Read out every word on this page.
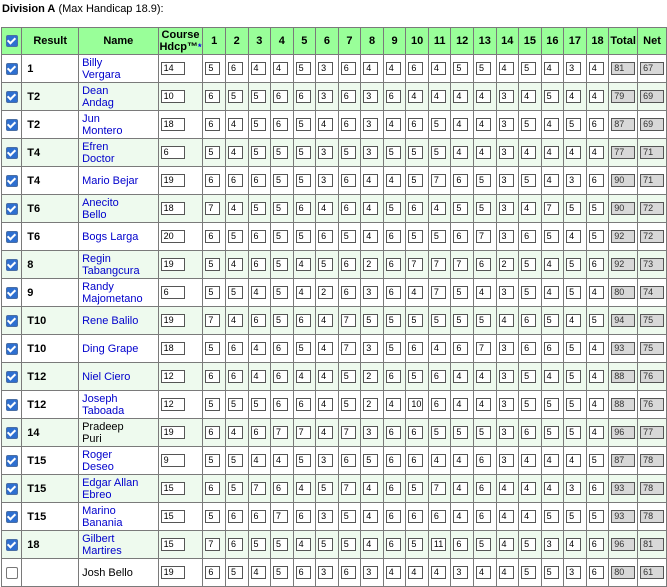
Division A (Max Handicap 18.9):
	Result	Name	Course
Hdcp™*	1	2	3	4	5	6	7	8	9	10	11	12	13	14	15	16	17	18	Total	Net
	1	Billy
Vergara	14	5	6	4	4	5	3	6	4	4	6	4	5	5	4	5	4	3	4	81	67
	T2	Dean
Andag	10	6	5	5	6	6	3	6	3	6	4	4	4	4	3	4	5	4	4	79	69
	T2	Jun
Montero	18	6	4	5	6	5	4	6	3	4	6	5	4	4	3	5	4	5	6	87	69
	T4	Efren
Doctor	6	5	4	5	5	5	3	5	3	5	5	5	4	4	3	4	4	4	4	77	71
	T4	Mario Bejar	19	6	6	6	5	5	3	6	4	4	5	7	6	5	3	5	4	3	6	90	71
	T6	Anecito
Bello	18	7	4	5	5	6	4	6	4	5	6	4	5	5	3	4	7	5	5	90	72
	T6	Bogs Larga	20	6	5	6	5	5	6	5	4	6	5	5	6	7	3	6	5	4	5	92	72
	8	Regin
Tabangcura	19	5	4	6	5	4	5	6	2	6	7	7	7	6	2	5	4	5	6	92	73
	9	Randy
Majometano	6	5	5	4	5	4	2	6	3	6	4	7	5	4	3	5	4	5	4	80	74
	T10	Rene Balilo	19	7	4	6	5	6	4	7	5	5	5	5	5	5	4	6	5	4	5	94	75
	T10	Ding Grape	18	5	6	4	6	5	4	7	3	5	6	4	6	7	3	6	6	5	4	93	75
	T12	Niel Ciero	12	6	6	4	6	4	4	5	2	6	5	6	4	4	3	5	4	5	4	88	76
	T12	Joseph
Taboada	12	5	5	5	6	6	4	5	2	4	10	6	4	4	3	5	5	5	4	88	76
	14	Pradeep
Puri	19	6	4	6	7	7	4	7	3	6	6	5	5	5	3	6	5	5	4	96	77
	T15	Roger
Deseo	9	5	5	4	4	5	3	6	5	6	6	4	4	6	3	4	4	4	5	87	78
	T15	Edgar Allan
Ebreo	15	6	5	7	6	4	5	7	4	6	5	7	4	6	4	4	4	3	6	93	78
	T15	Marino
Banania	15	5	6	6	7	6	3	5	4	6	6	6	4	6	4	4	5	5	5	93	78
	18	Gilbert
Martires	15	7	6	5	5	4	5	5	4	6	5	11	6	5	4	5	3	4	6	96	81
		Josh Bello	19	6	5	4	5	6	3	6	3	4	4	4	3	4	4	5	5	3	6	80	61
